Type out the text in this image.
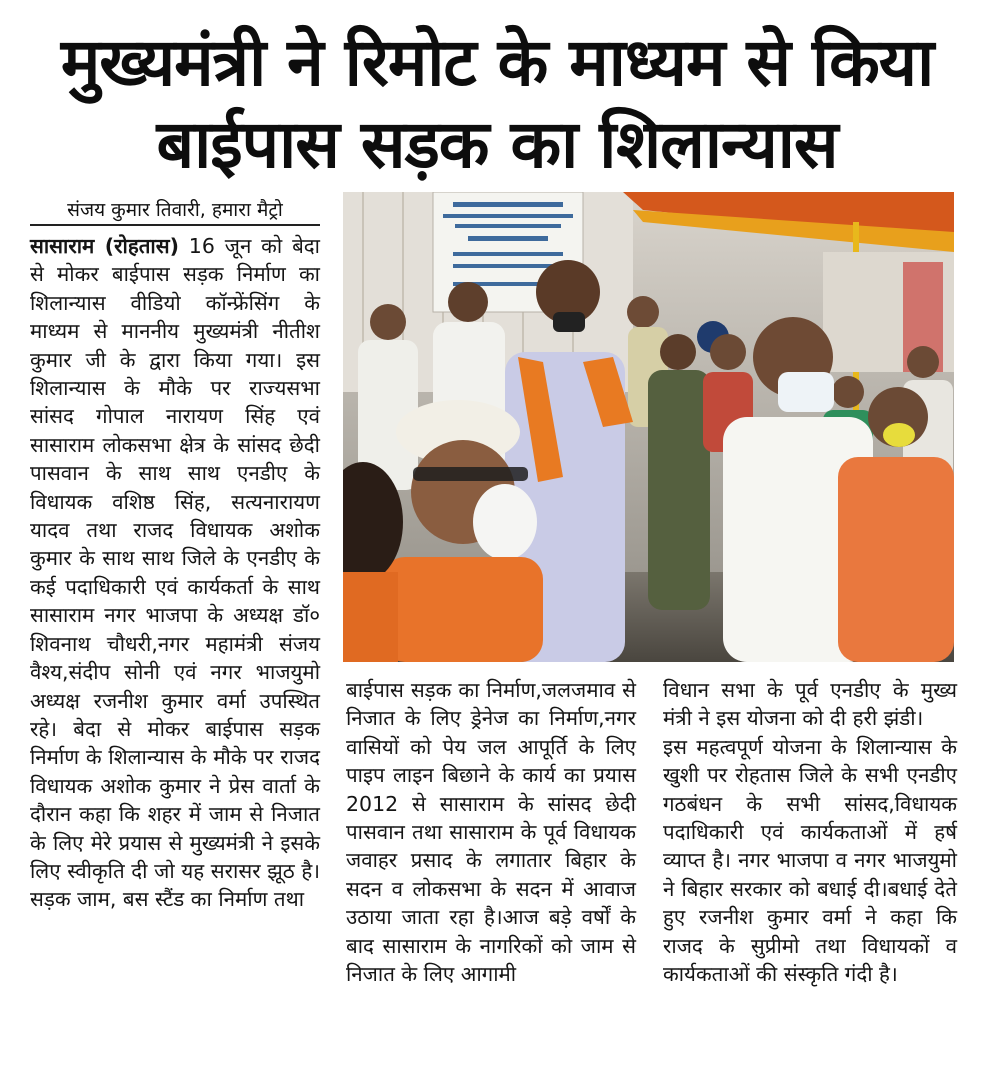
मुख्यमंत्री ने रिमोट के माध्यम से किया
बाईपास सड़क का शिलान्यास
संजय कुमार तिवारी, हमारा मैट्रो

सासाराम (रोहतास) 16 जून को बेदा से मोकर बाईपास सड़क निर्माण का शिलान्यास वीडियो कॉन्फ्रेंसिंग के माध्यम से माननीय मुख्यमंत्री नीतीश कुमार जी के द्वारा किया गया। इस शिलान्यास के मौके पर राज्यसभा सांसद गोपाल नारायण सिंह एवं सासाराम लोकसभा क्षेत्र के सांसद छेदी पासवान के साथ साथ एनडीए के विधायक वशिष्ठ सिंह, सत्यनारायण यादव तथा राजद विधायक अशोक कुमार के साथ साथ जिले के एनडीए के कई पदाधिकारी एवं कार्यकर्ता के साथ सासाराम नगर भाजपा के अध्यक्ष डॉ० शिवनाथ चौधरी,नगर महामंत्री संजय वैश्य,संदीप सोनी एवं नगर भाजयुमो अध्यक्ष रजनीश कुमार वर्मा उपस्थित रहे। बेदा से मोकर बाईपास सड़क निर्माण के शिलान्यास के मौके पर राजद विधायक अशोक कुमार ने प्रेस वार्ता के दौरान कहा कि शहर में जाम से निजात के लिए मेरे प्रयास से मुख्यमंत्री ने इसके लिए स्वीकृति दी जो यह सरासर झूठ है।सड़क जाम, बस स्टैंड का निर्माण तथा

बाईपास सड़क का निर्माण,जलजमाव से निजात के लिए ड्रेनेज का निर्माण,नगर वासियों को पेय जल आपूर्ति के लिए पाइप लाइन बिछाने के कार्य का प्रयास 2012 से सासाराम के सांसद छेदी पासवान तथा सासाराम के पूर्व विधायक जवाहर प्रसाद के लगातार बिहार के सदन व लोकसभा के सदन में आवाज उठाया जाता रहा है।आज बड़े वर्षों के बाद सासाराम के नागरिकों को जाम से निजात के लिए आगामी

विधान सभा के पूर्व एनडीए के मुख्य मंत्री ने इस योजना को दी हरी झंडी।

इस महत्वपूर्ण योजना के शिलान्यास के खुशी पर रोहतास जिले के सभी एनडीए गठबंधन के सभी सांसद,विधायक पदाधिकारी एवं कार्यकताओं में हर्ष व्याप्त है। नगर भाजपा व नगर भाजयुमो ने बिहार सरकार को बधाई दी।बधाई देते हुए रजनीश कुमार वर्मा ने कहा कि राजद के सुप्रीमो तथा विधायकों व कार्यकताओं की संस्कृति गंदी है।
